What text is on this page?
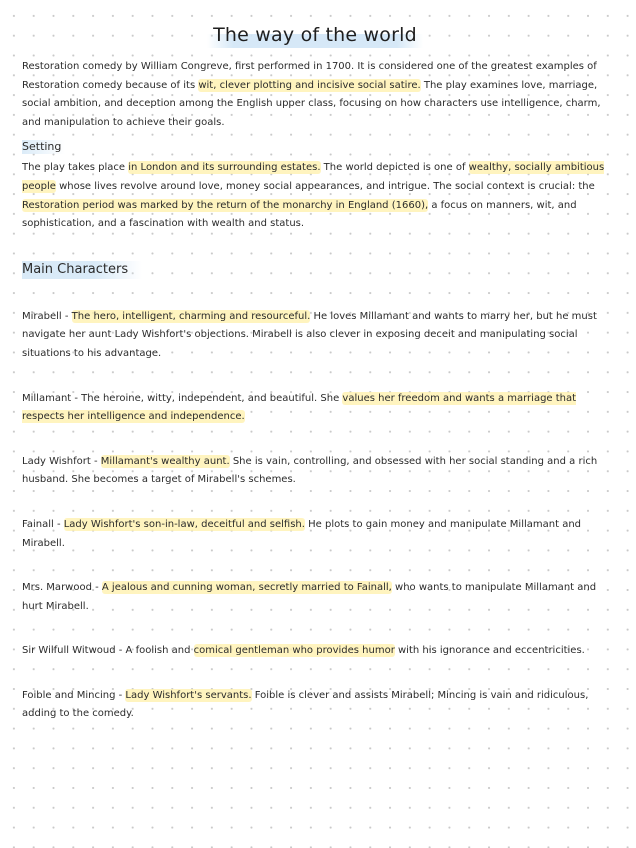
The way of the world

Restoration comedy by William Congreve, first performed in 1700. It is considered one of the greatest examples of Restoration comedy because of its wit, clever plotting and incisive social satire. The play examines love, marriage, social ambition, and deception among the English upper class, focusing on how characters use intelligence, charm, and manipulation to achieve their goals.

Setting

The play takes place in London and its surrounding estates. The world depicted is one of wealthy, socially ambitious people whose lives revolve around love, money social appearances, and intrigue. The social context is crucial: the Restoration period was marked by the return of the monarchy in England (1660), a focus on manners, wit, and sophistication, and a fascination with wealth and status.

Main Characters

Mirabell - The hero, intelligent, charming and resourceful. He loves Millamant and wants to marry her, but he must navigate her aunt Lady Wishfort's objections. Mirabell is also clever in exposing deceit and manipulating social situations to his advantage.

Millamant - The heroine, witty, independent, and beautiful. She values her freedom and wants a marriage that respects her intelligence and independence.

Lady Wishfort - Millamant's wealthy aunt. She is vain, controlling, and obsessed with her social standing and a rich husband. She becomes a target of Mirabell's schemes.

Fainall - Lady Wishfort's son-in-law, deceitful and selfish. He plots to gain money and manipulate Millamant and Mirabell.

Mrs. Marwood - A jealous and cunning woman, secretly married to Fainall, who wants to manipulate Millamant and hurt Mirabell.

Sir Wilfull Witwoud - A foolish and comical gentleman who provides humor with his ignorance and eccentricities.

Foible and Mincing - Lady Wishfort's servants. Foible is clever and assists Mirabell; Mincing is vain and ridiculous, adding to the comedy.
